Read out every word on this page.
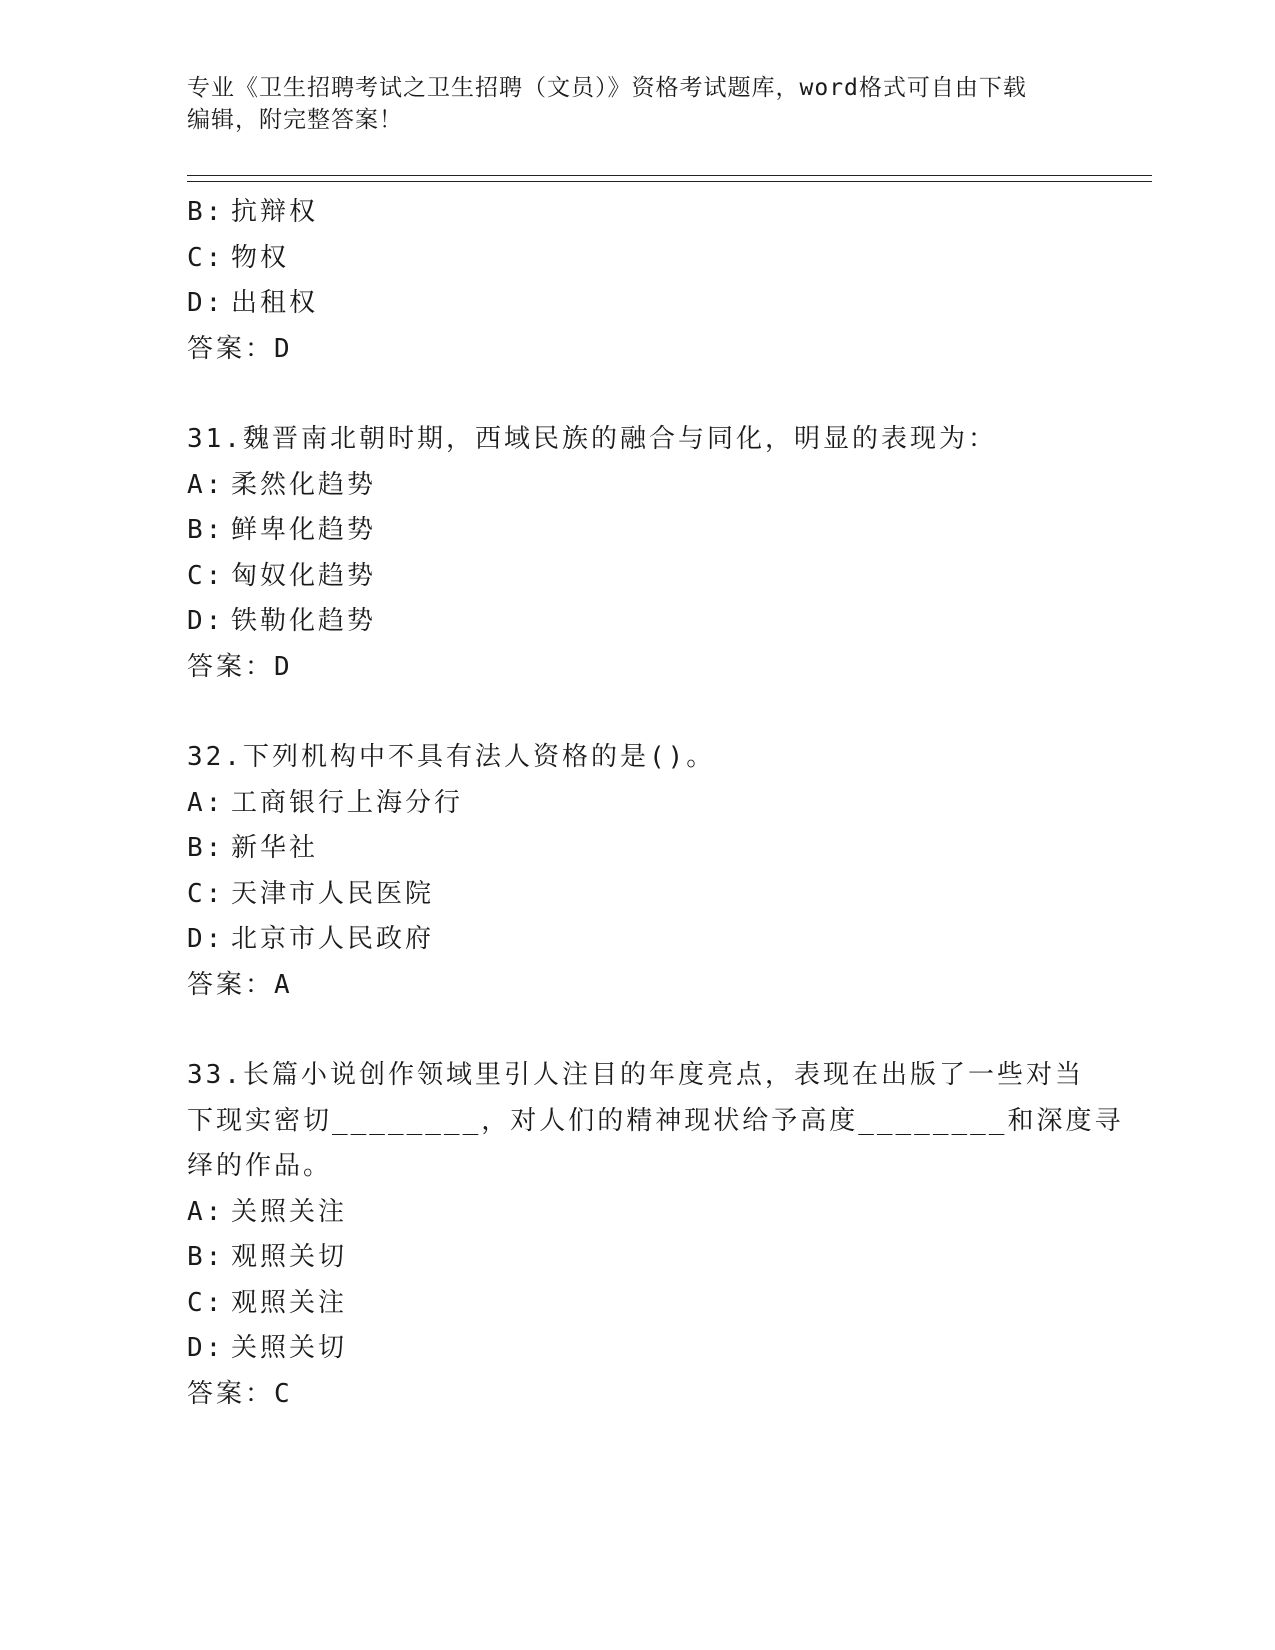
专业《卫生招聘考试之卫生招聘（文员）》资格考试题库，word格式可自由下载
编辑，附完整答案！
B: 抗辩权
C: 物权
D: 出租权
答案：D
31.魏晋南北朝时期，西域民族的融合与同化，明显的表现为：
A: 柔然化趋势
B: 鲜卑化趋势
C: 匈奴化趋势
D: 铁勒化趋势
答案：D
32.下列机构中不具有法人资格的是()。
A: 工商银行上海分行
B: 新华社
C: 天津市人民医院
D: 北京市人民政府
答案：A
33.长篇小说创作领域里引人注目的年度亮点，表现在出版了一些对当
下现实密切________，对人们的精神现状给予高度________和深度寻
绎的作品。
A: 关照关注
B: 观照关切
C: 观照关注
D: 关照关切
答案：C
